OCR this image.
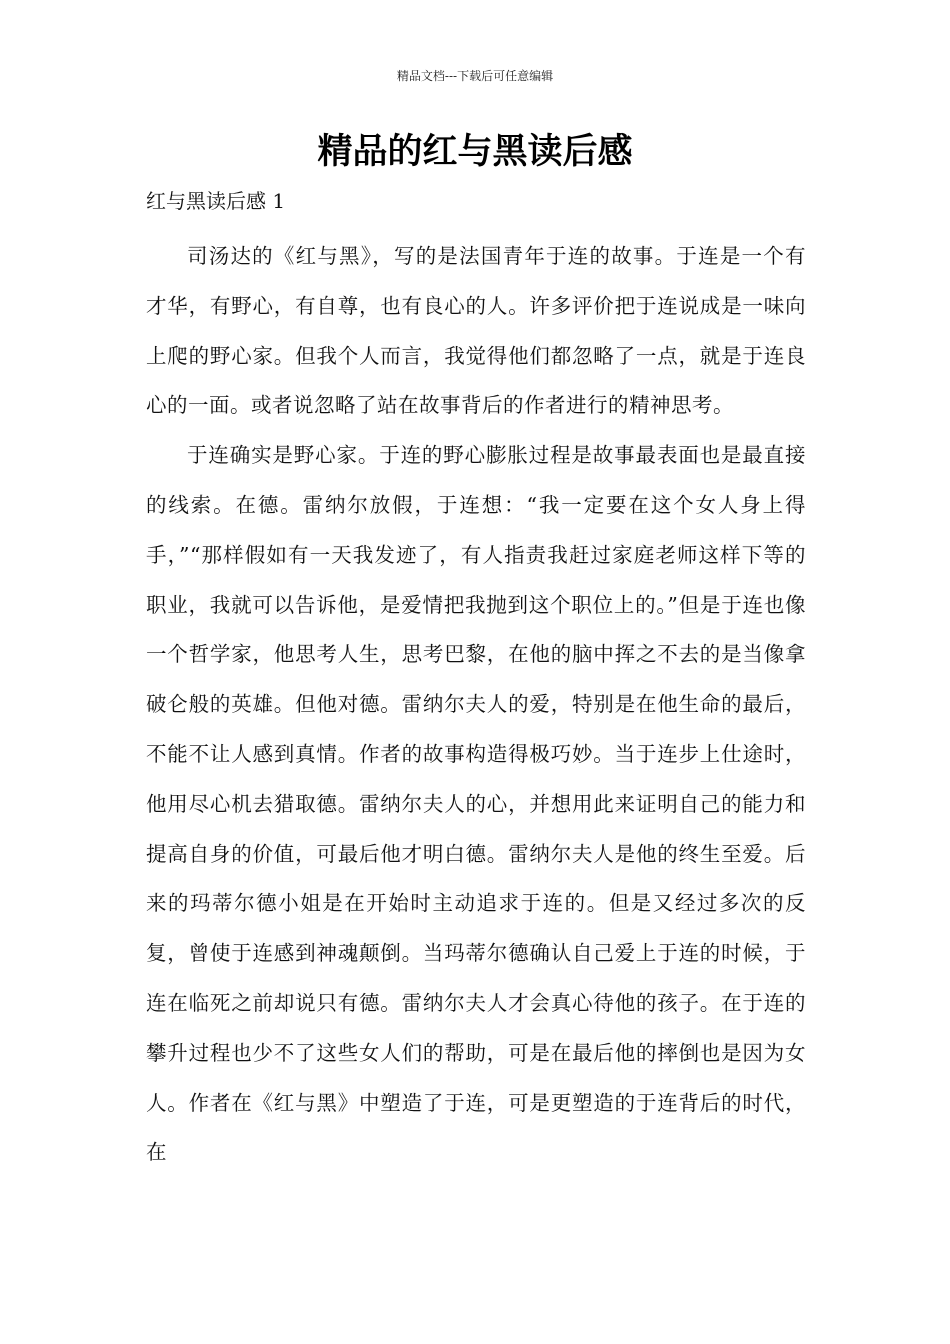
精品文档---下载后可任意编辑
精品的红与黑读后感
红与黑读后感 1

司汤达的《红与黑》，写的是法国青年于连的故事。于连是一个有才华，有野心，有自尊，也有良心的人。许多评价把于连说成是一味向上爬的野心家。但我个人而言，我觉得他们都忽略了一点，就是于连良心的一面。或者说忽略了站在故事背后的作者进行的精神思考。

于连确实是野心家。于连的野心膨胀过程是故事最表面也是最直接的线索。在德。雷纳尔放假，于连想：“我一定要在这个女人身上得手，”“那样假如有一天我发迹了，有人指责我赶过家庭老师这样下等的职业，我就可以告诉他，是爱情把我抛到这个职位上的。”但是于连也像一个哲学家，他思考人生，思考巴黎，在他的脑中挥之不去的是当像拿破仑般的英雄。但他对德。雷纳尔夫人的爱，特别是在他生命的最后，不能不让人感到真情。作者的故事构造得极巧妙。当于连步上仕途时，他用尽心机去猎取德。雷纳尔夫人的心，并想用此来证明自己的能力和提高自身的价值，可最后他才明白德。雷纳尔夫人是他的终生至爱。后来的玛蒂尔德小姐是在开始时主动追求于连的。但是又经过多次的反复，曾使于连感到神魂颠倒。当玛蒂尔德确认自己爱上于连的时候，于连在临死之前却说只有德。雷纳尔夫人才会真心待他的孩子。在于连的攀升过程也少不了这些女人们的帮助，可是在最后他的摔倒也是因为女人。作者在《红与黑》中塑造了于连，可是更塑造的于连背后的时代，在
